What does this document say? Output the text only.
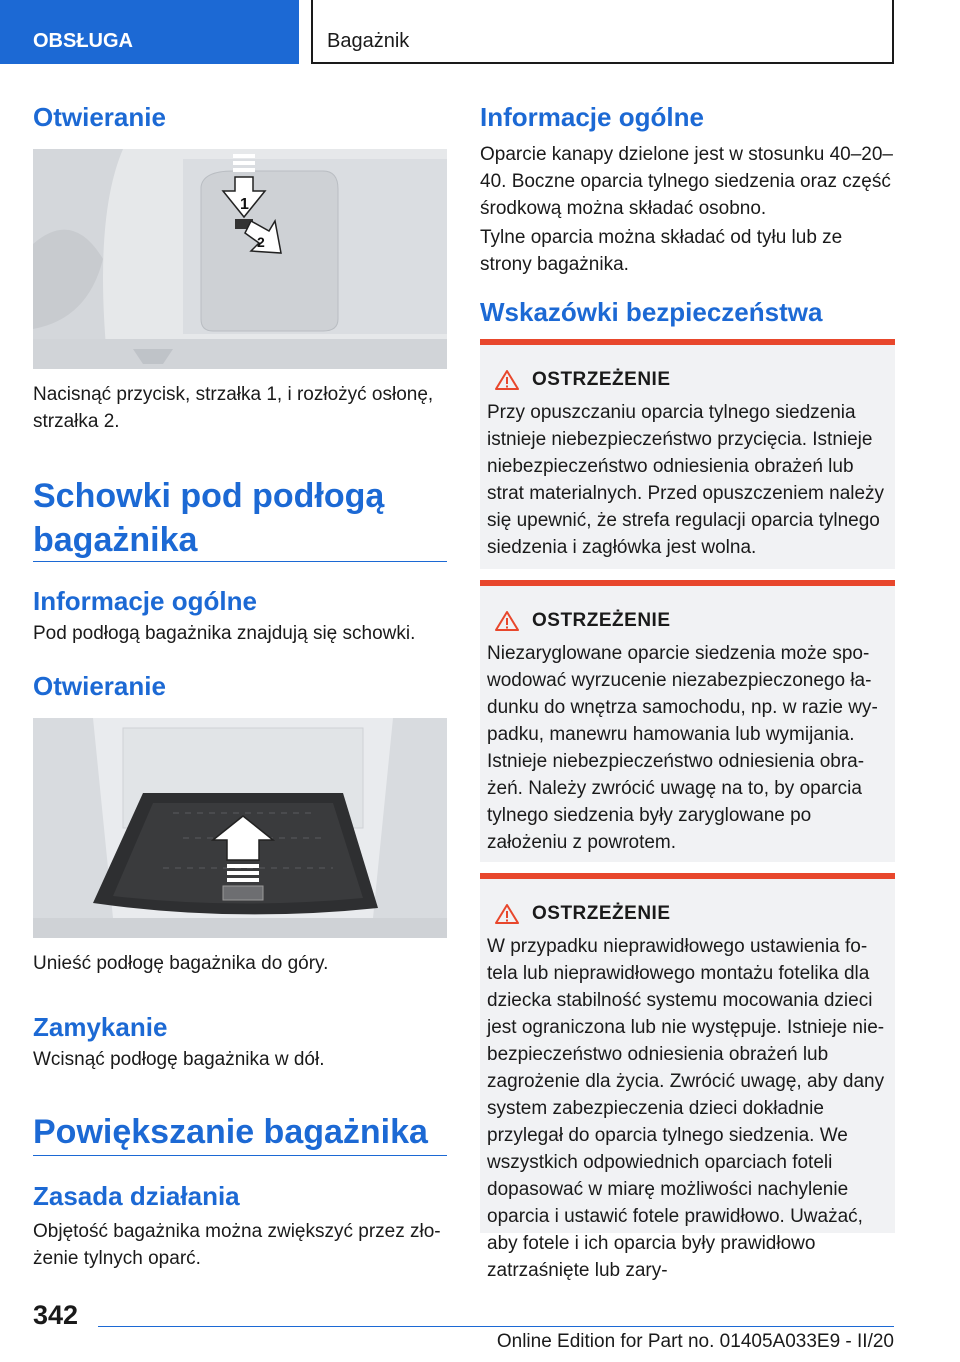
OBSŁUGA	Bagażnik
Otwieranie
1
2
Nacisnąć przycisk, strzałka 1, i rozłożyć osłonę, strzałka 2.
Schowki pod podłogą bagażnika
Informacje ogólne
Pod podłogą bagażnika znajdują się schowki.
Otwieranie
Unieść podłogę bagażnika do góry.
Zamykanie
Wcisnąć podłogę bagażnika w dół.
Powiększanie bagażnika
Zasada działania
Objętość bagażnika można zwiększyć przez złożenie tylnych oparć.
Informacje ogólne
Oparcie kanapy dzielone jest w stosunku 40–20–40. Boczne oparcia tylnego siedzenia oraz część środkową można składać osobno.
Tylne oparcia można składać od tyłu lub ze strony bagażnika.
Wskazówki bezpieczeństwa
OSTRZEŻENIE
Przy opuszczaniu oparcia tylnego siedzenia istnieje niebezpieczeństwo przycięcia. Istnieje niebezpieczeństwo odniesienia obrażeń lub strat materialnych. Przed opuszczeniem należy się upewnić, że strefa regulacji oparcia tylnego siedzenia i zagłówka jest wolna.
OSTRZEŻENIE
Niezaryglowane oparcie siedzenia może spowodować wyrzucenie niezabezpieczonego ładunku do wnętrza samochodu, np. w razie wypadku, manewru hamowania lub wymijania. Istnieje niebezpieczeństwo odniesienia obrażeń. Należy zwrócić uwagę na to, by oparcia tylnego siedzenia były zaryglowane po założeniu z powrotem.
OSTRZEŻENIE
W przypadku nieprawidłowego ustawienia fotela lub nieprawidłowego montażu fotelika dla dziecka stabilność systemu mocowania dzieci jest ograniczona lub nie występuje. Istnieje niebezpieczeństwo odniesienia obrażeń lub zagrożenie dla życia. Zwrócić uwagę, aby dany system zabezpieczenia dzieci dokładnie przylegał do oparcia tylnego siedzenia. We wszystkich odpowiednich oparciach foteli dopasować w miarę możliwości nachylenie oparcia i ustawić fotele prawidłowo. Uważać, aby fotele i ich oparcia były prawidłowo zatrzaśnięte lub zary-
342
Online Edition for Part no. 01405A033E9 - II/20
